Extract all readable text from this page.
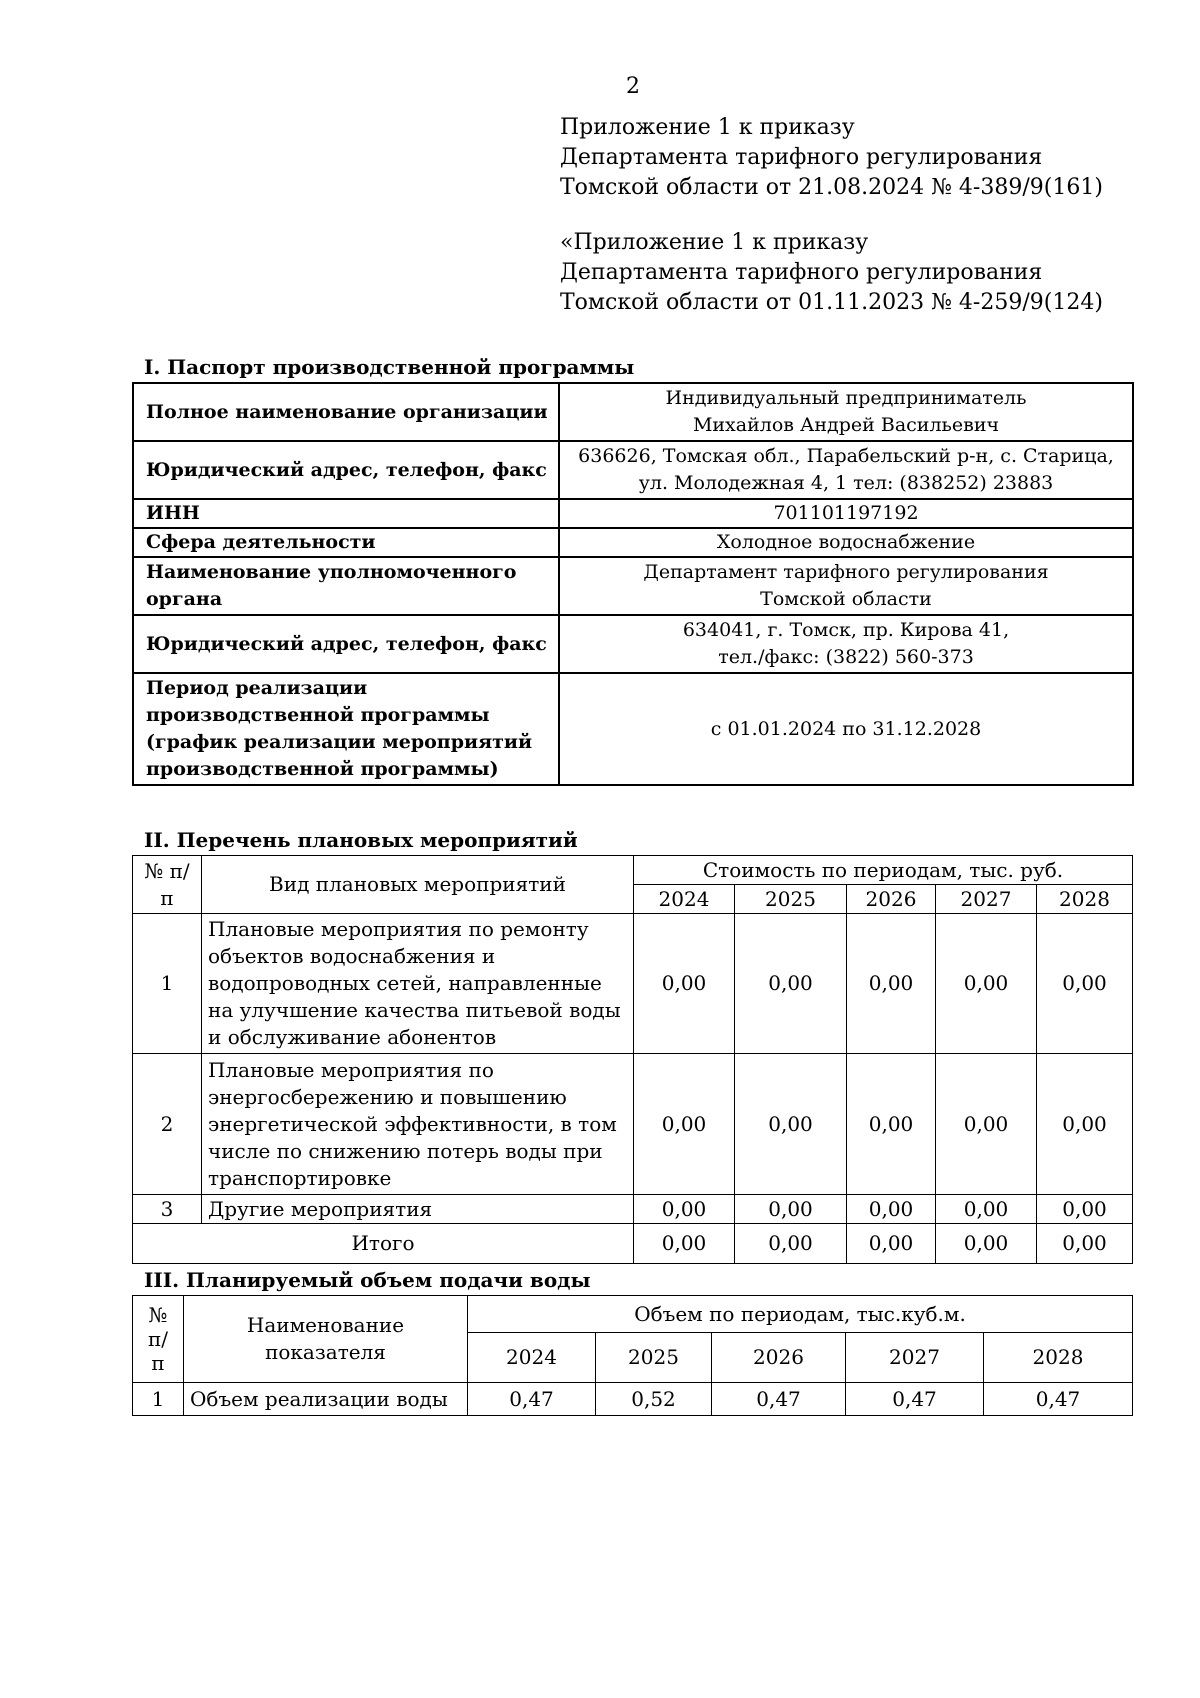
2
Приложение 1 к приказу
Департамента тарифного регулирования
Томской области от 21.08.2024 № 4-389/9(161)
«Приложение 1 к приказу
Департамента тарифного регулирования
Томской области от 01.11.2023 № 4-259/9(124)
I. Паспорт производственной программы
Полное наименование организации	Индивидуальный предприниматель
Михайлов Андрей Васильевич

Юридический адрес, телефон, факс	636626, Томская обл., Парабельский р-н, с. Старица,
ул. Молодежная 4, 1 тел: (838252) 23883

ИНН	701101197192

Сфера деятельности	Холодное водоснабжение

Наименование уполномоченного органа	Департамент тарифного регулирования
Томской области

Юридический адрес, телефон, факс	634041, г. Томск, пр. Кирова 41,
тел./факс: (3822) 560-373

Период реализации производственной программы (график реализации мероприятий производственной программы)	с 01.01.2024 по 31.12.2028
II. Перечень плановых мероприятий
№ п/п	Вид плановых мероприятий	Стоимость по периодам, тыс. руб.				
		2024	2025	2026	2027	2028
1	Плановые мероприятия по ремонту объектов водоснабжения и водопроводных сетей, направленные на улучшение качества питьевой воды и обслуживание абонентов	0,00	0,00	0,00	0,00	0,00
2	Плановые мероприятия по энергосбережению и повышению энергетической эффективности, в том числе по снижению потерь воды при транспортировке	0,00	0,00	0,00	0,00	0,00
3	Другие мероприятия	0,00	0,00	0,00	0,00	0,00
Итого		0,00	0,00	0,00	0,00	0,00
III. Планируемый объем подачи воды
№ п/ п	Наименование показателя	Объем по периодам, тыс.куб.м.				
		2024	2025	2026	2027	2028
1	Объем реализации воды	0,47	0,52	0,47	0,47	0,47
